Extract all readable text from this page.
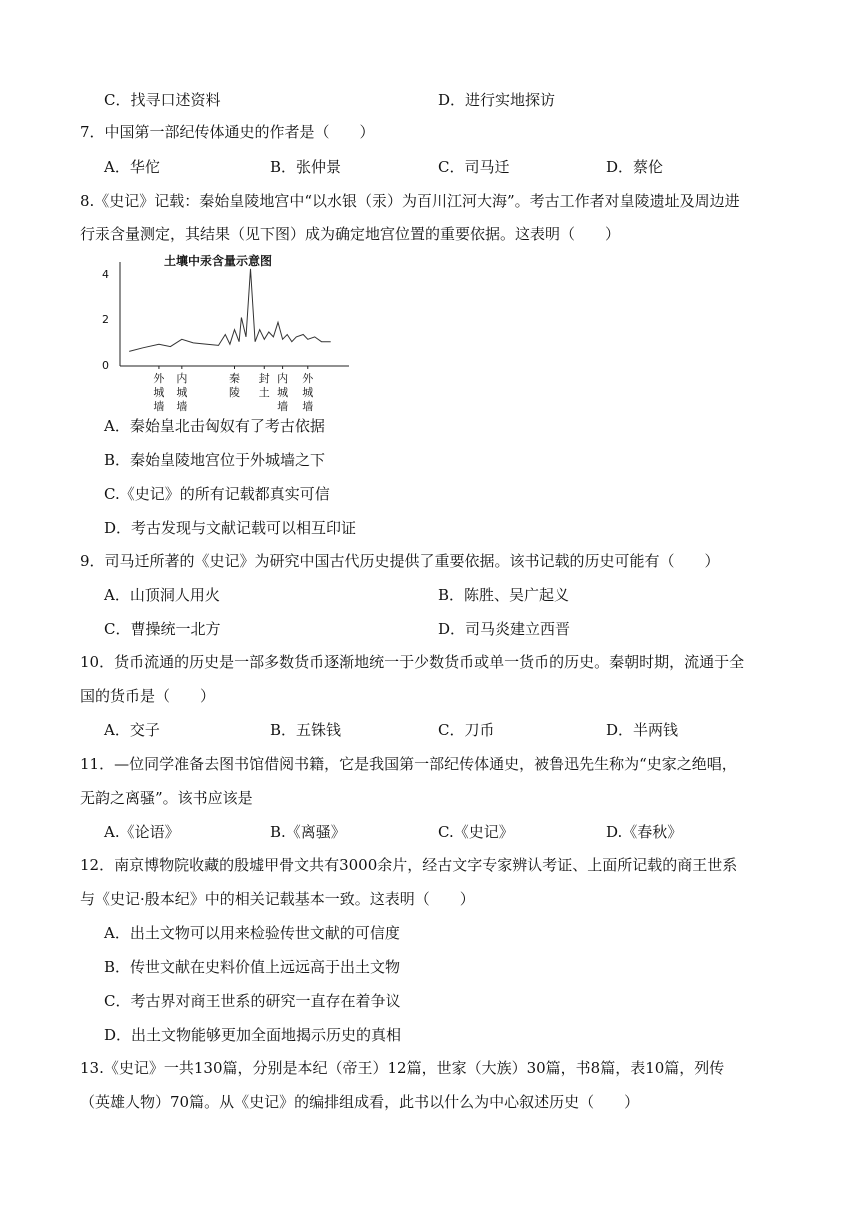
C．找寻口述资料	D．进行实地探访
7．中国第一部纪传体通史的作者是（　　）
A．华佗	B．张仲景	C．司马迁	D．蔡伦
8.《史记》记载：秦始皇陵地宫中“以水银（汞）为百川江河大海”。考古工作者对皇陵遗址及周边进
行汞含量测定，其结果（见下图）成为确定地宫位置的重要依据。这表明（　　）
土壤中汞含量示意图
4
2
0
外城墙
内城墙
秦陵
封土
内城墙
外城墙
A．秦始皇北击匈奴有了考古依据
B．秦始皇陵地宫位于外城墙之下
C.《史记》的所有记载都真实可信
D．考古发现与文献记载可以相互印证
9．司马迁所著的《史记》为研究中国古代历史提供了重要依据。该书记载的历史可能有（　　）
A．山顶洞人用火	B．陈胜、吴广起义
C．曹操统一北方	D．司马炎建立西晋
10．货币流通的历史是一部多数货币逐渐地统一于少数货币或单一货币的历史。秦朝时期，流通于全
国的货币是（　　）
A．交子	B．五铢钱	C．刀币	D．半两钱
11．—位同学准备去图书馆借阅书籍，它是我国第一部纪传体通史，被鲁迅先生称为“史家之绝唱，
无韵之离骚”。该书应该是
A.《论语》	B.《离骚》	C.《史记》	D.《春秋》
12．南京博物院收藏的殷墟甲骨文共有3000余片，经古文字专家辨认考证、上面所记载的商王世系
与《史记·殷本纪》中的相关记载基本一致。这表明（　　）
A．出土文物可以用来检验传世文献的可信度
B．传世文献在史料价值上远远高于出土文物
C．考古界对商王世系的研究一直存在着争议
D．出土文物能够更加全面地揭示历史的真相
13.《史记》一共130篇，分别是本纪（帝王）12篇，世家（大族）30篇，书8篇，表10篇，列传
（英雄人物）70篇。从《史记》的编排组成看，此书以什么为中心叙述历史（　　）
